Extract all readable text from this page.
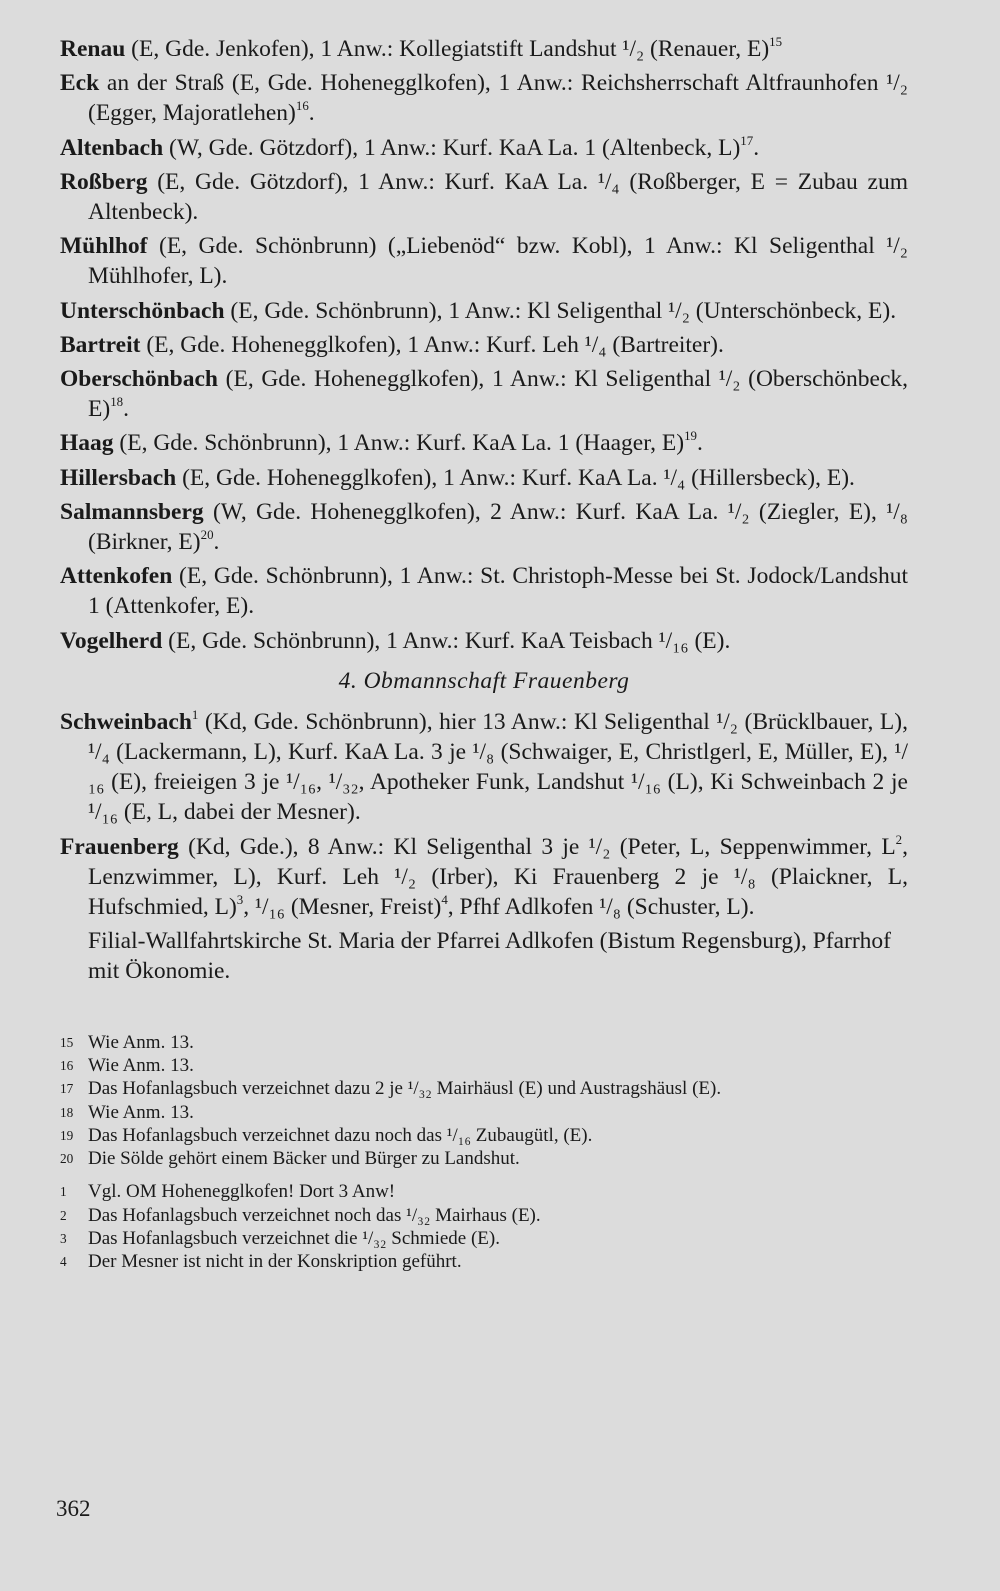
Renau (E, Gde. Jenkofen), 1 Anw.: Kollegiatstift Landshut ¹/₂ (Renauer, E)$^{15}$

Eck an der Straß (E, Gde. Hohenegglkofen), 1 Anw.: Reichsherrschaft Altfraunhofen ¹/₂ (Egger, Majoratlehen)$^{16}$.

Altenbach (W, Gde. Götzdorf), 1 Anw.: Kurf. KaA La. 1 (Altenbeck, L)$^{17}$.

Roßberg (E, Gde. Götzdorf), 1 Anw.: Kurf. KaA La. ¹/₄ (Roßberger, E = Zubau zum Altenbeck).

Mühlhof (E, Gde. Schönbrunn) („Liebenöd“ bzw. Kobl), 1 Anw.: Kl Seligenthal ¹/₂ Mühlhofer, L).

Unterschönbach (E, Gde. Schönbrunn), 1 Anw.: Kl Seligenthal ¹/₂ (Unterschönbeck, E).

Bartreit (E, Gde. Hohenegglkofen), 1 Anw.: Kurf. Leh ¹/₄ (Bartreiter).

Oberschönbach (E, Gde. Hohenegglkofen), 1 Anw.: Kl Seligenthal ¹/₂ (Oberschönbeck, E)$^{18}$.

Haag (E, Gde. Schönbrunn), 1 Anw.: Kurf. KaA La. 1 (Haager, E)$^{19}$.

Hillersbach (E, Gde. Hohenegglkofen), 1 Anw.: Kurf. KaA La. ¹/₄ (Hillersbeck), E).

Salmannsberg (W, Gde. Hohenegglkofen), 2 Anw.: Kurf. KaA La. ¹/₂ (Ziegler, E), ¹/₈ (Birkner, E)$^{20}$.

Attenkofen (E, Gde. Schönbrunn), 1 Anw.: St. Christoph-Messe bei St. Jodock/Landshut 1 (Attenkofer, E).

Vogelherd (E, Gde. Schönbrunn), 1 Anw.: Kurf. KaA Teisbach ¹/₁₆ (E).

4. Obmannschaft Frauenberg

Schweinbach$^1$ (Kd, Gde. Schönbrunn), hier 13 Anw.: Kl Seligenthal ¹/₂ (Brücklbauer, L), ¹/₄ (Lackermann, L), Kurf. KaA La. 3 je ¹/₈ (Schwaiger, E, Christlgerl, E, Müller, E), ¹/₁₆ (E), freieigen 3 je ¹/₁₆, ¹/₃₂, Apotheker Funk, Landshut ¹/₁₆ (L), Ki Schweinbach 2 je ¹/₁₆ (E, L, dabei der Mesner).

Frauenberg (Kd, Gde.), 8 Anw.: Kl Seligenthal 3 je ¹/₂ (Peter, L, Seppenwimmer, $L^2$, Lenzwimmer, L), Kurf. Leh ¹/₂ (Irber), Ki Frauenberg 2 je ¹/₈ (Plaickner, L, Hufschmied, L)$^3$, ¹/₁₆ (Mesner, Freist)$^4$, Pfhf Adlkofen ¹/₈ (Schuster, L).

Filial-Wallfahrtskirche St. Maria der Pfarrei Adlkofen (Bistum Regensburg), Pfarrhof mit Ökonomie.

15 Wie Anm. 13.
16 Wie Anm. 13.
17 Das Hofanlagsbuch verzeichnet dazu 2 je ¹/₃₂ Mairhäusl (E) und Austragshäusl (E).
18 Wie Anm. 13.
19 Das Hofanlagsbuch verzeichnet dazu noch das ¹/₁₆ Zubaugütl, (E).
20 Die Sölde gehört einem Bäcker und Bürger zu Landshut.
1	Vgl. OM Hohenegglkofen! Dort 3 Anw!
2	Das Hofanlagsbuch verzeichnet noch das ¹/₃₂ Mairhaus (E).
3	Das Hofanlagsbuch verzeichnet die ¹/₃₂ Schmiede (E).
4	Der Mesner ist nicht in der Konskription geführt.
362
